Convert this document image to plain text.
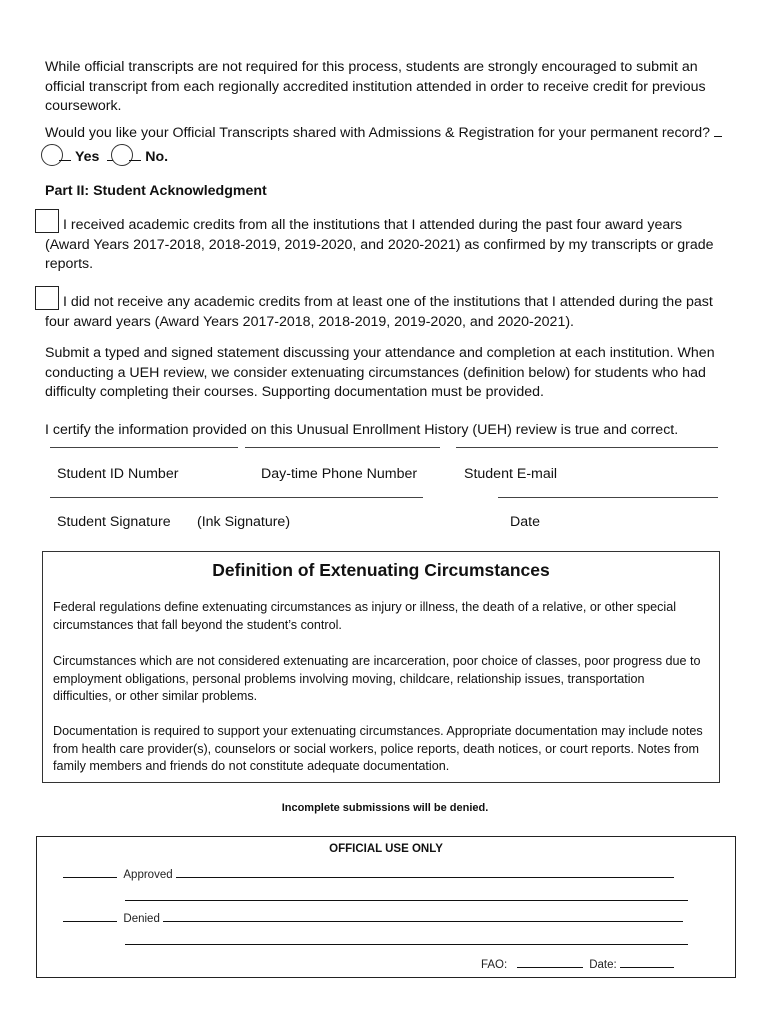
While official transcripts are not required for this process, students are strongly encouraged to submit an official transcript from each regionally accredited institution attended in order to receive credit for previous coursework.

Would you like your Official Transcripts shared with Admissions & Registration for your permanent record?  Yes	No.

Part II: Student Acknowledgment

I received academic credits from all the institutions that I attended during the past four award years (Award Years 2017-2018, 2018-2019, 2019-2020, and 2020-2021) as confirmed by my transcripts or grade reports.

I did not receive any academic credits from at least one of the institutions that I attended during the past four award years (Award Years 2017-2018, 2018-2019, 2019-2020, and 2020-2021).

Submit a typed and signed statement discussing your attendance and completion at each institution. When conducting a UEH review, we consider extenuating circumstances (definition below) for students who had difficulty completing their courses. Supporting documentation must be provided.

I certify the information provided on this Unusual Enrollment History (UEH) review is true and correct.

Student ID Number	Day-time Phone Number	Student E-mail
Student Signature (Ink Signature)	Date
Definition of Extenuating Circumstances

Federal regulations define extenuating circumstances as injury or illness, the death of a relative, or other special circumstances that fall beyond the student’s control.

Circumstances which are not considered extenuating are incarceration, poor choice of classes, poor progress due to employment obligations, personal problems involving moving, childcare, relationship issues, transportation difficulties, or other similar problems.

Documentation is required to support your extenuating circumstances. Appropriate documentation may include notes from health care provider(s), counselors or social workers, police reports, death notices, or court reports. Notes from family members and friends do not constitute adequate documentation.

Incomplete submissions will be denied.
OFFICIAL USE ONLY
Approved
Denied
FAO:	Date:
